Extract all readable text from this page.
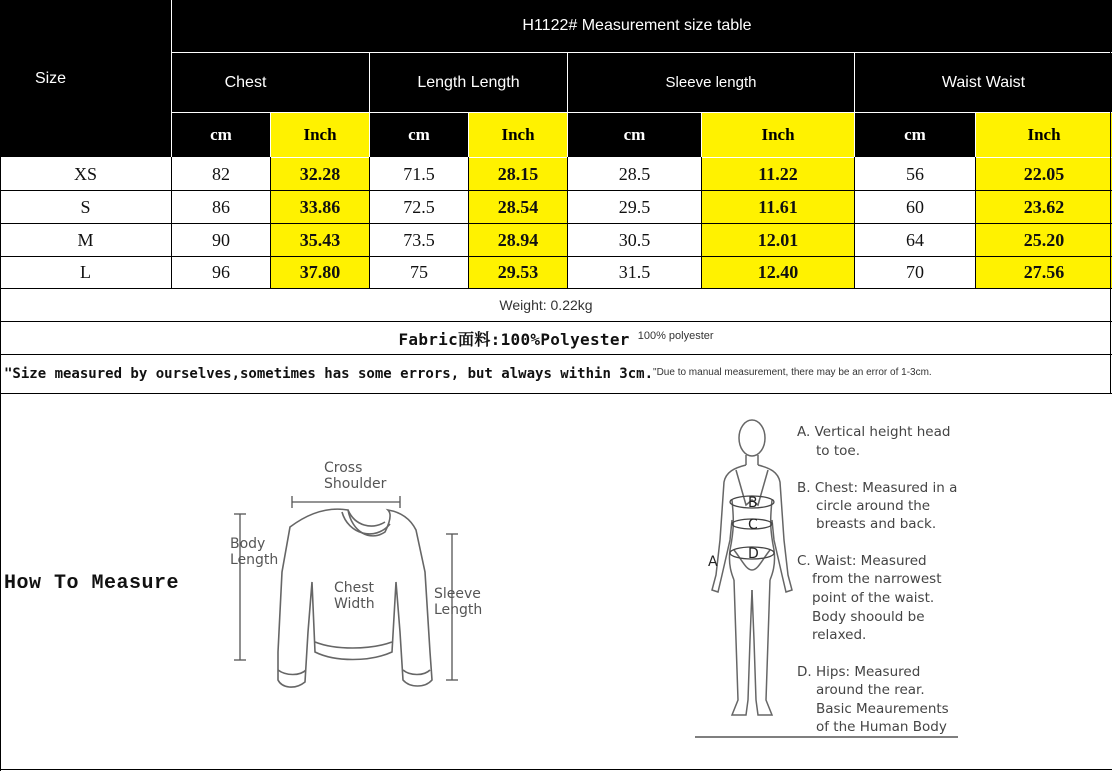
Size
H1122# Measurement size table
Chest	Length Length	Sleeve length	Waist Waist
cm	Inch	cm	Inch	cm	Inch	cm	Inch
XS	82	32.28	71.5	28.15	28.5	11.22	56	22.05
S	86	33.86	72.5	28.54	29.5	11.61	60	23.62
M	90	35.43	73.5	28.94	30.5	12.01	64	25.20
L	96	37.80	75	29.53	31.5	12.40	70	27.56
Weight: 0.22kg
Fabric面料:100%Polyester 100% polyester
"Size measured by ourselves,sometimes has some errors, but always within 3cm. "Due to manual measurement, there may be an error of 1-3cm.
How To Measure
Cross
Shoulder
Body
Length
Chest
Width
Sleeve
Length
A
B
C
D
A. Vertical height head
to toe.
B. Chest: Measured in a
circle around the
breasts and back.
C. Waist: Measured
from the narrowest
point of the waist.
Body shoould be
relaxed.
D. Hips: Measured
around the rear.
Basic Meaurements
of the Human Body
